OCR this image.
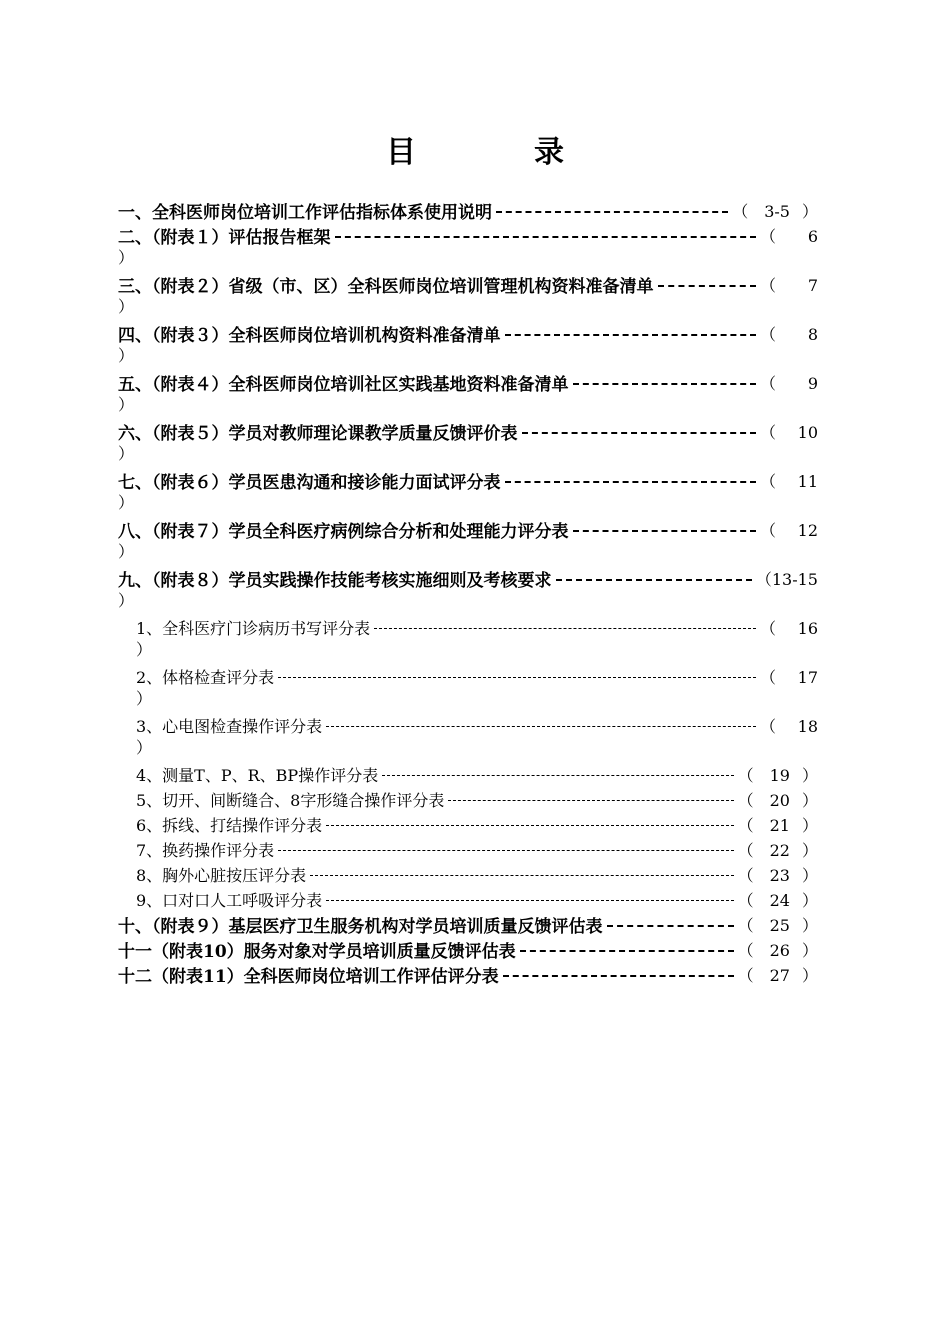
目　录
一、全科医师岗位培训工作评估指标体系使用说明	（　3-5 ）
二、（附表１）评估报告框架	（ 6
）
三、（附表２）省级（市、区）全科医师岗位培训管理机构资料准备清单	（ 7
）
四、（附表３）全科医师岗位培训机构资料准备清单	（ 8
）
五、（附表４）全科医师岗位培训社区实践基地资料准备清单	（ 9
）
六、（附表５）学员对教师理论课教学质量反馈评价表	（ 10
）
七、（附表６）学员医患沟通和接诊能力面试评分表	（ 11
）
八、（附表７）学员全科医疗病例综合分析和处理能力评分表	（ 12
）
九、（附表８）学员实践操作技能考核实施细则及考核要求	（13-15
）
1、全科医疗门诊病历书写评分表	（ 16
）
2、体格检查评分表	（ 17
）
3、心电图检查操作评分表	（ 18
）
4、测量T、P、R、BP操作评分表	（　19 ）
5、切开、间断缝合、8字形缝合操作评分表	（　20 ）
6、拆线、打结操作评分表	（　21 ）
7、换药操作评分表	（　22 ）
8、胸外心脏按压评分表	（　23 ）
9、口对口人工呼吸评分表	（　24 ）
十、（附表９）基层医疗卫生服务机构对学员培训质量反馈评估表	（　25 ）
十一（附表10）服务对象对学员培训质量反馈评估表	（　26 ）
十二（附表11）全科医师岗位培训工作评估评分表	（　27 ）
